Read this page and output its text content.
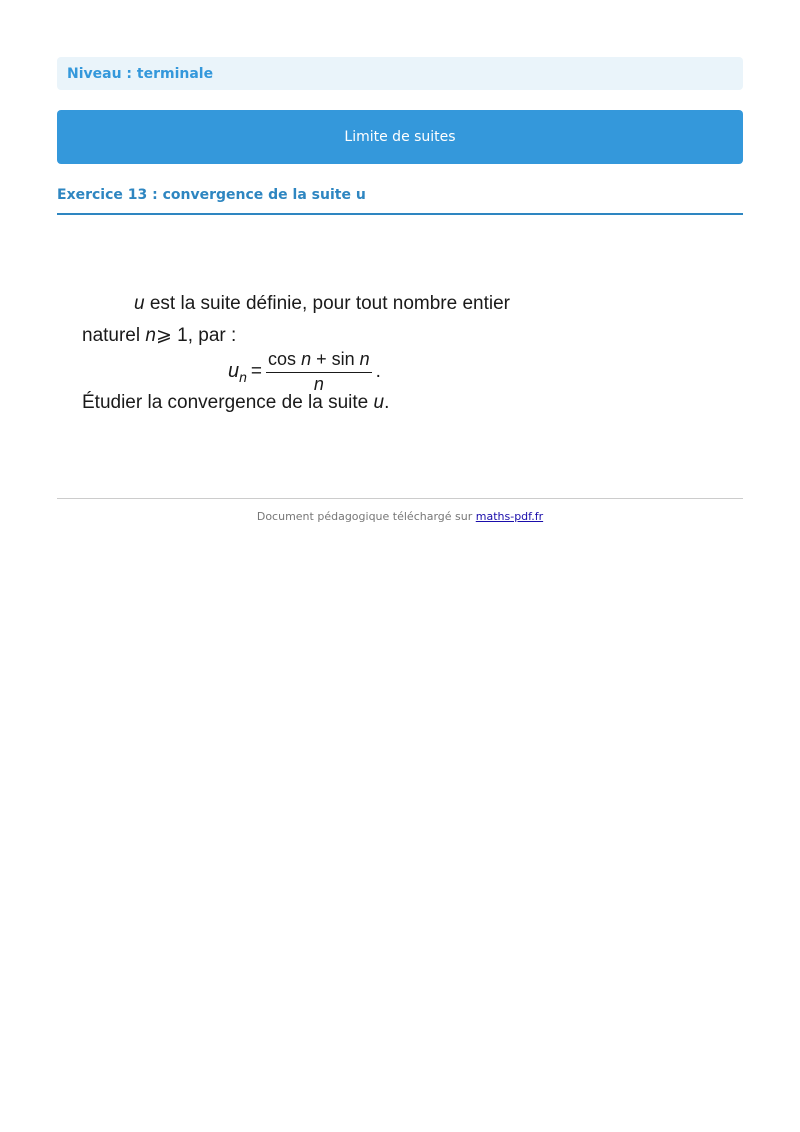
Niveau : terminale
Limite de suites
Exercice 13 : convergence de la suite u
u est la suite définie, pour tout nombre entier
naturel n⩾ 1, par :
$u_n = \frac{\text{cos n + sin n}}{n}$ .
Étudier la convergence de la suite u.
Document pédagogique téléchargé sur maths-pdf.fr
